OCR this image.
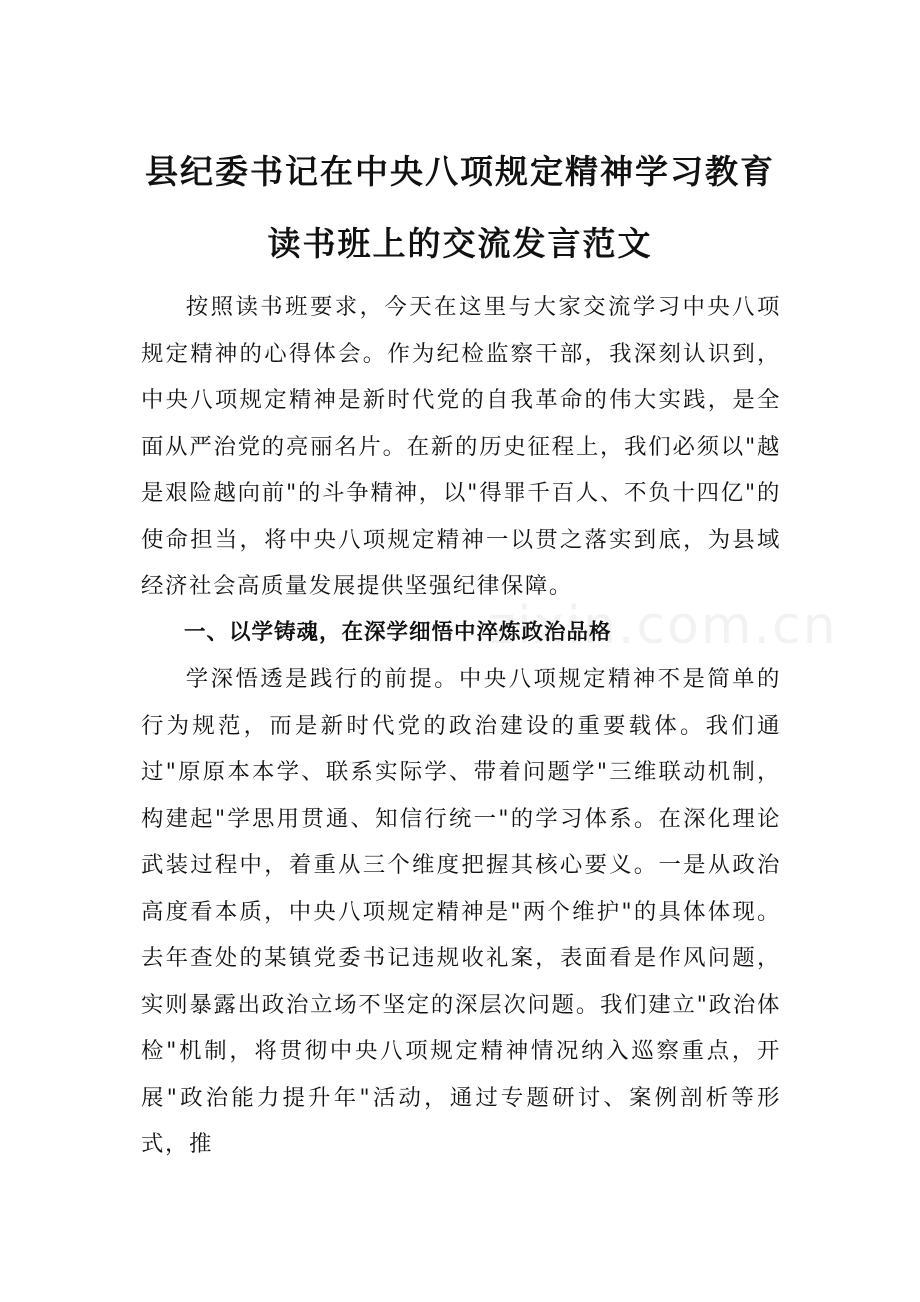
县纪委书记在中央八项规定精神学习教育
读书班上的交流发言范文

按照读书班要求，今天在这里与大家交流学习中央八项规定精神的心得体会。作为纪检监察干部，我深刻认识到，中央八项规定精神是新时代党的自我革命的伟大实践，是全面从严治党的亮丽名片。在新的历史征程上，我们必须以"越是艰险越向前"的斗争精神，以"得罪千百人、不负十四亿"的使命担当，将中央八项规定精神一以贯之落实到底，为县域经济社会高质量发展提供坚强纪律保障。

一、以学铸魂，在深学细悟中淬炼政治品格

学深悟透是践行的前提。中央八项规定精神不是简单的行为规范，而是新时代党的政治建设的重要载体。我们通过"原原本本学、联系实际学、带着问题学"三维联动机制，构建起"学思用贯通、知信行统一"的学习体系。在深化理论武装过程中，着重从三个维度把握其核心要义。一是从政治高度看本质，中央八项规定精神是"两个维护"的具体体现。去年查处的某镇党委书记违规收礼案，表面看是作风问题，实则暴露出政治立场不坚定的深层次问题。我们建立"政治体检"机制，将贯彻中央八项规定精神情况纳入巡察重点，开展"政治能力提升年"活动，通过专题研讨、案例剖析等形式，推

zixin.com.cn
